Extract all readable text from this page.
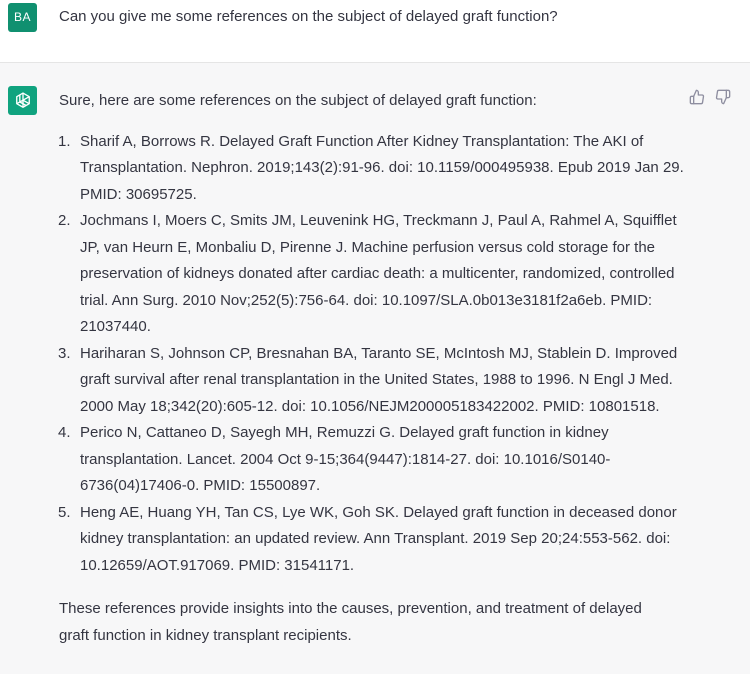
BA	Can you give me some references on the subject of delayed graft function?

Sure, here are some references on the subject of delayed graft function:

1. Sharif A, Borrows R. Delayed Graft Function After Kidney Transplantation: The AKI of Transplantation. Nephron. 2019;143(2):91-96. doi: 10.1159/000495938. Epub 2019 Jan 29. PMID: 30695725.
2. Jochmans I, Moers C, Smits JM, Leuvenink HG, Treckmann J, Paul A, Rahmel A, Squifflet JP, van Heurn E, Monbaliu D, Pirenne J. Machine perfusion versus cold storage for the preservation of kidneys donated after cardiac death: a multicenter, randomized, controlled trial. Ann Surg. 2010 Nov;252(5):756-64. doi: 10.1097/SLA.0b013e3181f2a6eb. PMID: 21037440.
3. Hariharan S, Johnson CP, Bresnahan BA, Taranto SE, McIntosh MJ, Stablein D. Improved graft survival after renal transplantation in the United States, 1988 to 1996. N Engl J Med. 2000 May 18;342(20):605-12. doi: 10.1056/NEJM200005183422002. PMID: 10801518.
4. Perico N, Cattaneo D, Sayegh MH, Remuzzi G. Delayed graft function in kidney transplantation. Lancet. 2004 Oct 9-15;364(9447):1814-27. doi: 10.1016/S0140-6736(04)17406-0. PMID: 15500897.
5. Heng AE, Huang YH, Tan CS, Lye WK, Goh SK. Delayed graft function in deceased donor kidney transplantation: an updated review. Ann Transplant. 2019 Sep 20;24:553-562. doi: 10.12659/AOT.917069. PMID: 31541171.

These references provide insights into the causes, prevention, and treatment of delayed graft function in kidney transplant recipients.
